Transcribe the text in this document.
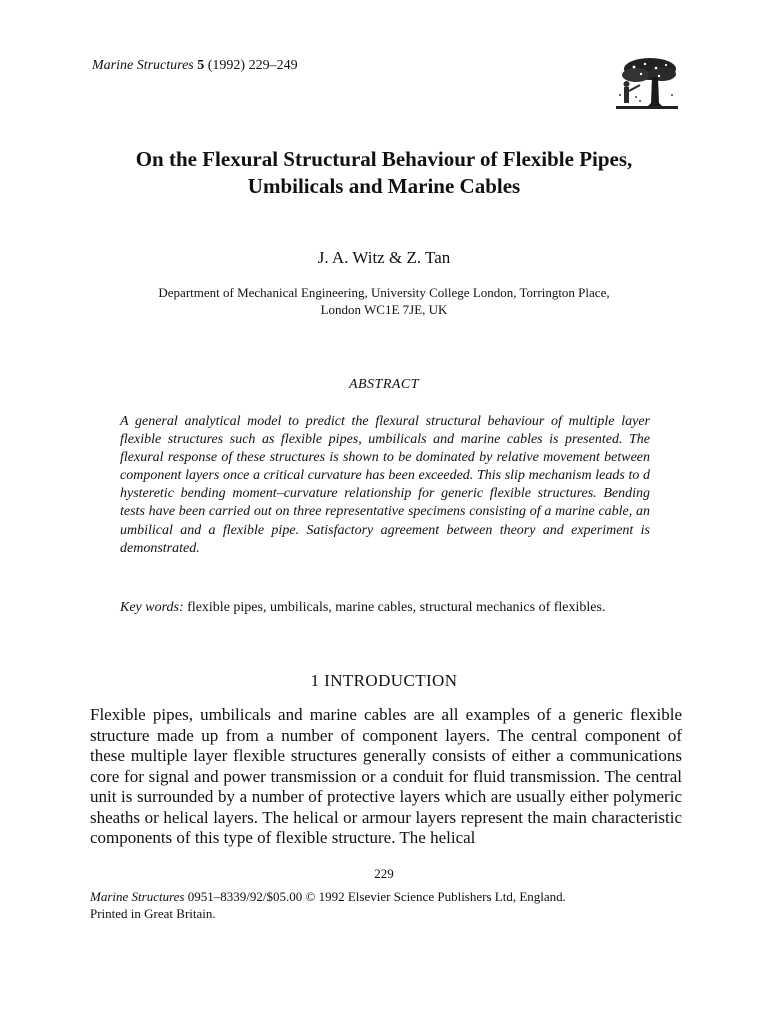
Marine Structures 5 (1992) 229–249
On the Flexural Structural Behaviour of Flexible Pipes,
Umbilicals and Marine Cables
J. A. Witz & Z. Tan
Department of Mechanical Engineering, University College London, Torrington Place,
London WC1E 7JE, UK
ABSTRACT
A general analytical model to predict the flexural structural behaviour of multiple layer flexible structures such as flexible pipes, umbilicals and marine cables is presented. The flexural response of these structures is shown to be dominated by relative movement between component layers once a critical curvature has been exceeded. This slip mechanism leads to d hysteretic bending moment–curvature relationship for generic flexible structures. Bending tests have been carried out on three representative specimens consisting of a marine cable, an umbilical and a flexible pipe. Satisfactory agreement between theory and experiment is demonstrated.
Key words: flexible pipes, umbilicals, marine cables, structural mechanics of flexibles.
1 INTRODUCTION
Flexible pipes, umbilicals and marine cables are all examples of a generic flexible structure made up from a number of component layers. The central component of these multiple layer flexible structures generally consists of either a communications core for signal and power transmission or a conduit for fluid transmission. The central unit is surrounded by a number of protective layers which are usually either polymeric sheaths or helical layers. The helical or armour layers represent the main characteristic components of this type of flexible structure. The helical
229
Marine Structures 0951–8339/92/$05.00 © 1992 Elsevier Science Publishers Ltd, England.
Printed in Great Britain.
